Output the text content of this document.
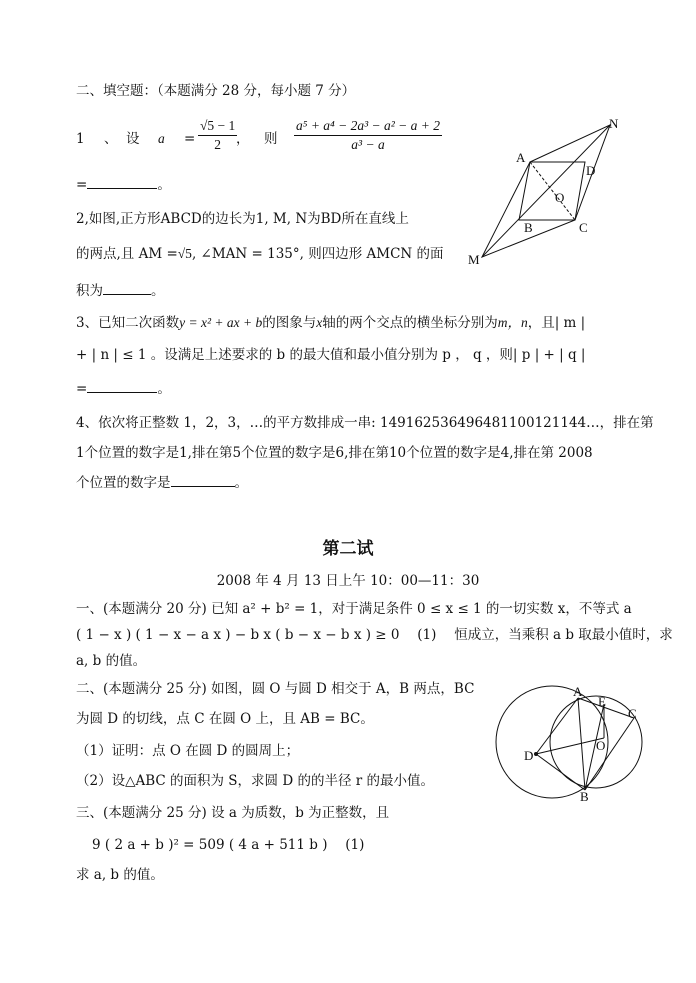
二、填空题：（本题满分 28 分，每小题 7 分）
1 、 设 $a = \frac{√5 - 1}{2}$
， 则 $\frac{\text{a⁵ + a⁴ − 2a³ − a² − a + 2}}{\text{a³ − a}}$
=	。
2,如图,正方形ABCD的边长为1, M, N为BD所在直线上
的两点,且 AM =√5, ∠MAN = 135°, 则四边形 AMCN 的面
积为	。
A
D
O
B	C
N
M
3、已知二次函数y = x² + ax + b的图象与x轴的两个交点的横坐标分别为m，n，且| m |
+ | n | ≤ 1 。设满足上述要求的 b 的最大值和最小值分别为 p ， q ，则| p | + | q |
=	。
4、依次将正整数 1，2，3，…的平方数排成一串: 1491625364964811001211​44…，排在第
1个位置的数字是1,排在第5个位置的数字是6,排在第10个位置的数字是4,排在第 2008
个位置的数字是	。
第二试
2008 年 4 月 13 日上午 10：00—11：30
一、(本题满分 20 分) 已知 a² + b² = 1，对于满足条件 0 ≤ x ≤ 1 的一切实数 x，不等式 a
( 1 − x ) ( 1 − x − a x ) − b x ( b − x − b x ) ≥ 0　 (1)　 恒成立，当乘积 a b 取最小值时，求
a, b 的值。
二、(本题满分 25 分) 如图，圆 O 与圆 D 相交于 A，B 两点，BC
为圆 D 的切线，点 C 在圆 O 上，且 AB = BC。
（1）证明：点 O 在圆 D 的圆周上；
（2）设△ABC 的面积为 S，求圆 D 的的半径 r 的最小值。
A
E
C
O
D
B
三、(本题满分 25 分) 设 a 为质数，b 为正整数，且
9 ( 2 a + b )² = 509 ( 4 a + 511 b )　 (1)
求 a, b 的值。
